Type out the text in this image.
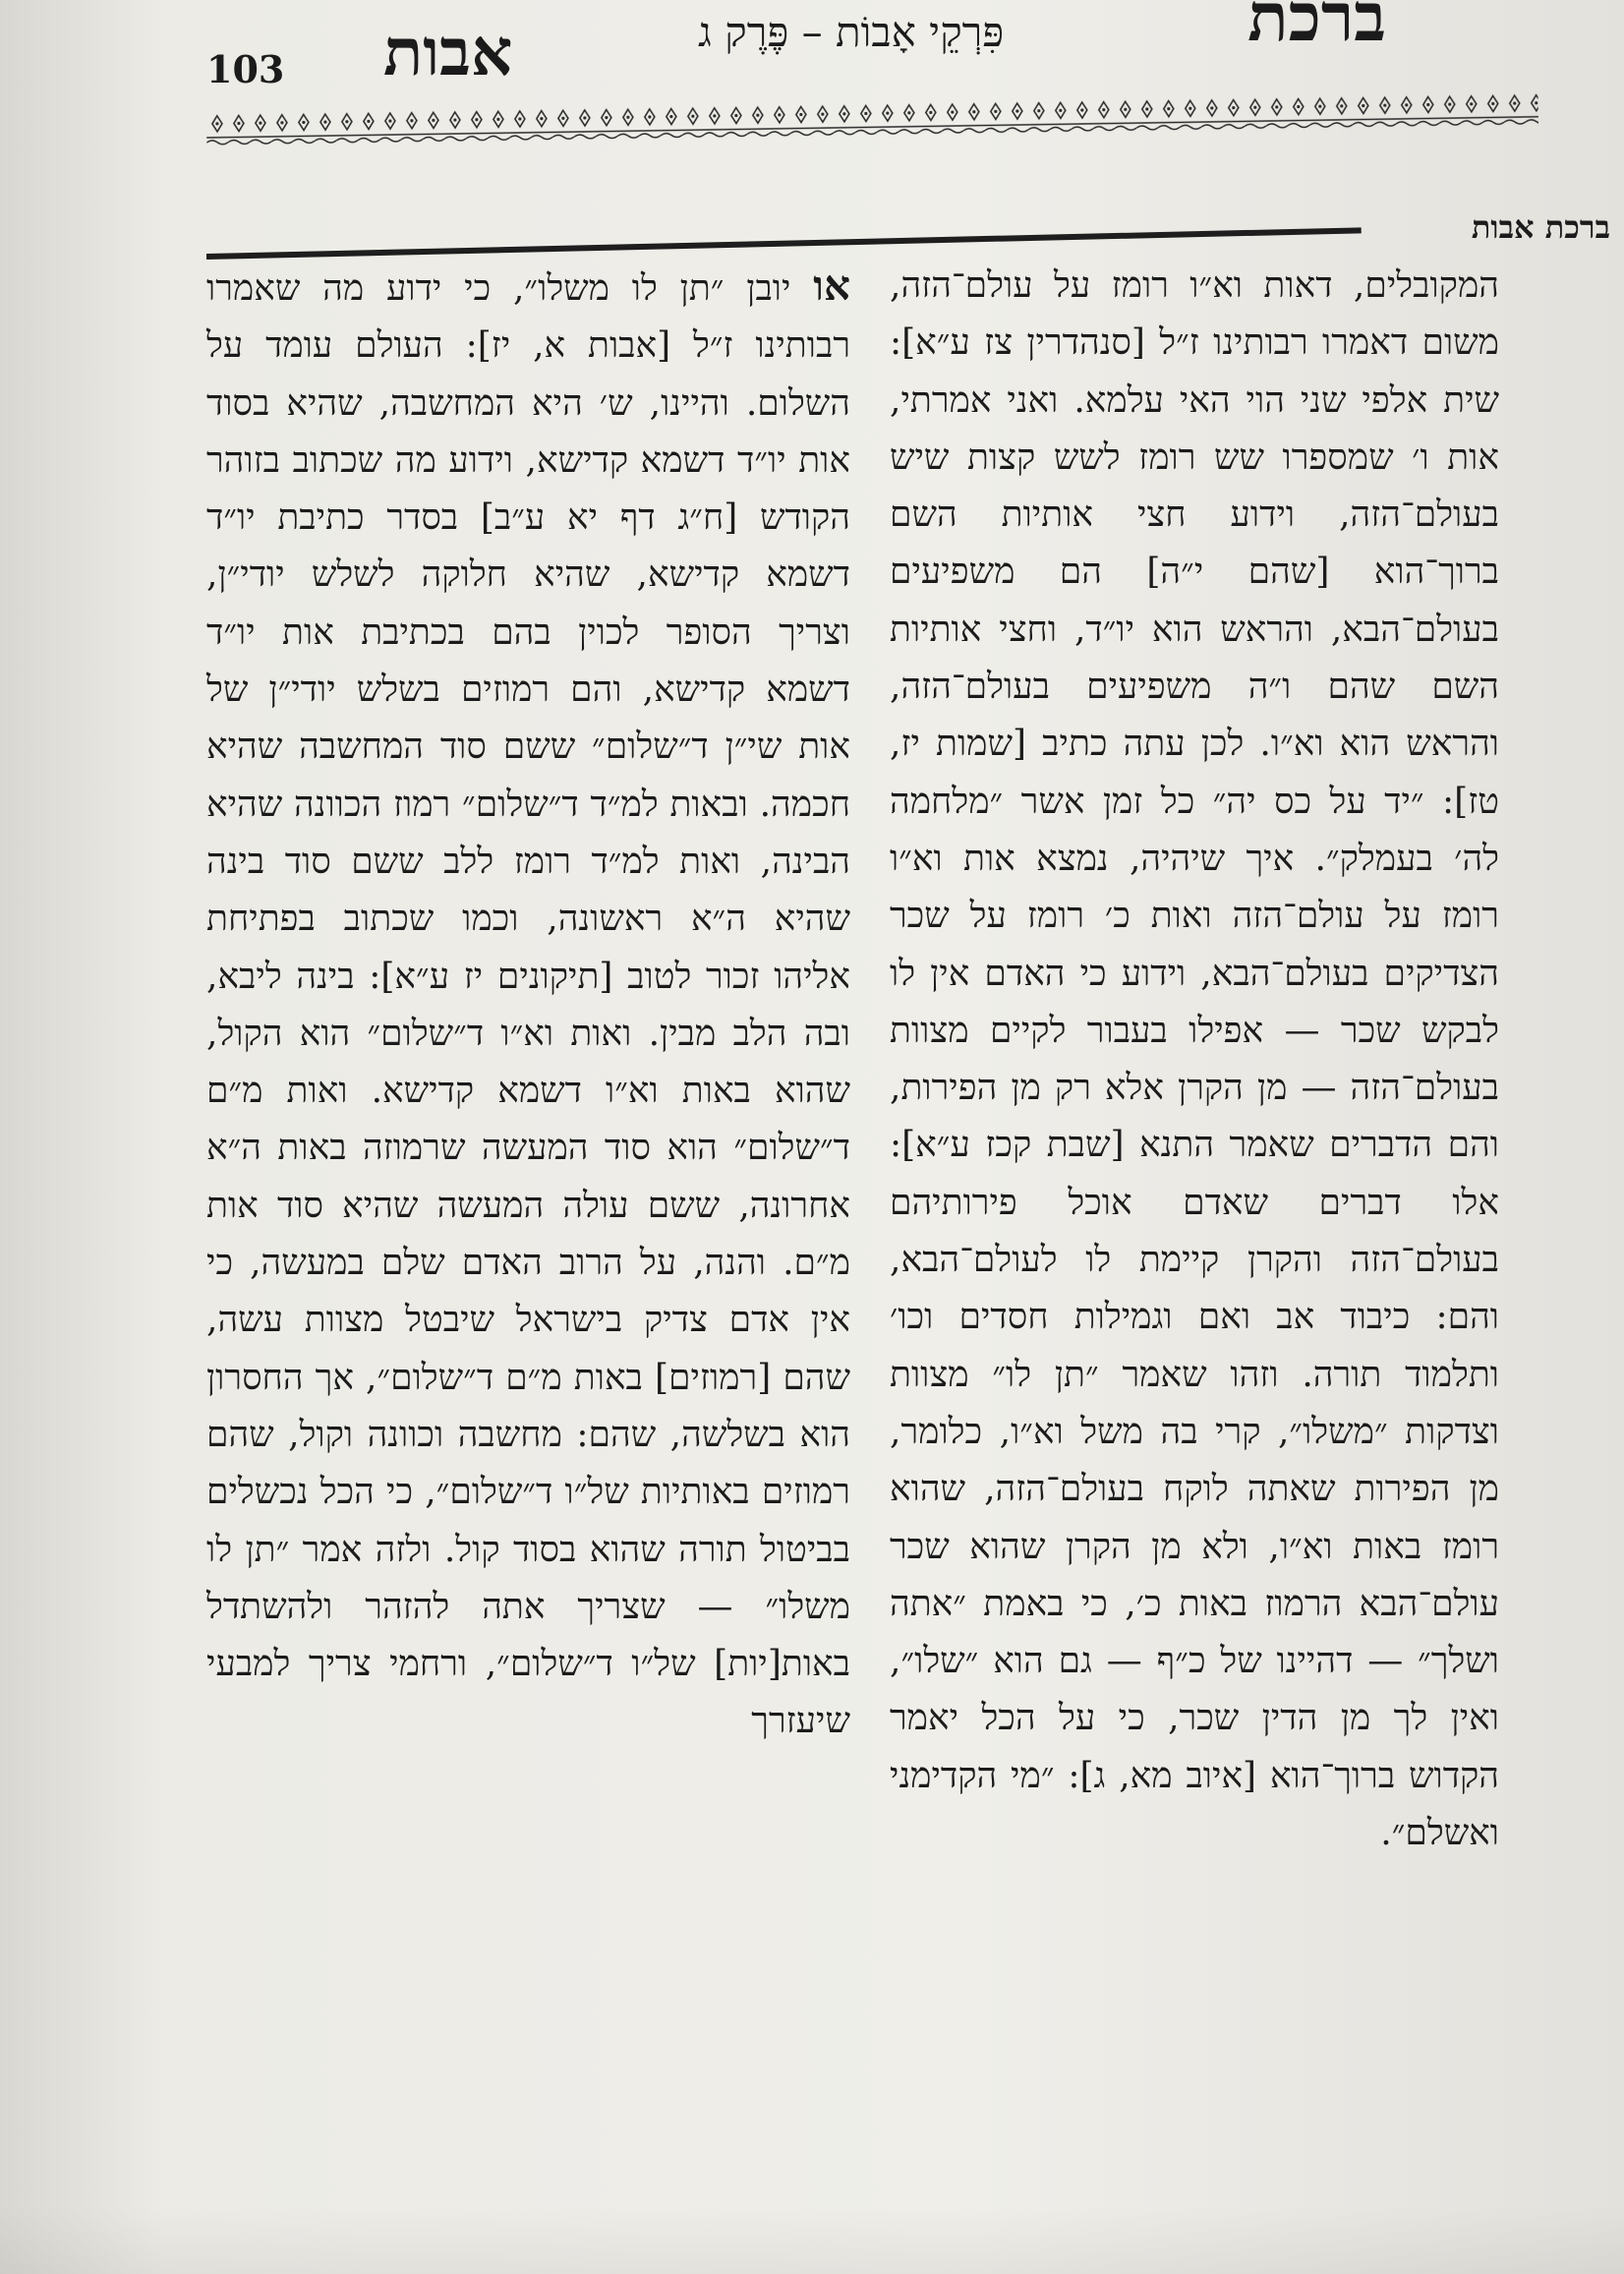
103 אבות	פִּרְקֵי אָבוֹת – פֶּרֶק ג	ברכת
ברכת אבות

המקובלים, דאות וא״ו רומז על עולם־הזה, משום דאמרו רבותינו ז״ל [סנהדרין צז ע״א]: שית אלפי שני הוי האי עלמא. ואני אמרתי, אות ו׳ שמספרו שש רומז לשש קצות שיש בעולם־הזה, וידוע חצי אותיות השם ברוך־הוא [שהם י״ה] הם משפיעים בעולם־הבא, והראש הוא יו״ד, וחצי אותיות השם שהם ו״ה משפיעים בעולם־הזה, והראש הוא וא״ו. לכן עתה כתיב [שמות יז, טז]: ״יד על כס יה״ כל זמן אשר ״מלחמה לה׳ בעמלק״. איך שיהיה, נמצא אות וא״ו רומז על עולם־הזה ואות כ׳ רומז על שכר הצדיקים בעולם־הבא, וידוע כי האדם אין לו לבקש שכר — אפילו בעבור לקיים מצוות בעולם־הזה — מן הקרן אלא רק מן הפירות, והם הדברים שאמר התנא [שבת קכז ע״א]: אלו דברים שאדם אוכל פירותיהם בעולם־הזה והקרן קיימת לו לעולם־הבא, והם: כיבוד אב ואם וגמילות חסדים וכו׳ ותלמוד תורה. וזהו שאמר ״תן לו״ מצוות וצדקות ״משלו״, קרי בה משל וא״ו, כלומר, מן הפירות שאתה לוקח בעולם־הזה, שהוא רומז באות וא״ו, ולא מן הקרן שהוא שכר עולם־הבא הרמוז באות כ׳, כי באמת ״אתה ושלך״ — דהיינו של כ״ף — גם הוא ״שלו״, ואין לך מן הדין שכר, כי על הכל יאמר הקדוש ברוך־הוא [איוב מא, ג]: ״מי הקדימני ואשלם״.

או יובן ״תן לו משלו״, כי ידוע מה שאמרו רבותינו ז״ל [אבות א, יז]: העולם עומד על השלום. והיינו, ש׳ היא המחשבה, שהיא בסוד אות יו״ד דשמא קדישא, וידוע מה שכתוב בזוהר הקודש [ח״ג דף יא ע״ב] בסדר כתיבת יו״ד דשמא קדישא, שהיא חלוקה לשלש יודי״ן, וצריך הסופר לכוין בהם בכתיבת אות יו״ד דשמא קדישא, והם רמוזים בשלש יודי״ן של אות שי״ן ד״שלום״ ששם סוד המחשבה שהיא חכמה. ובאות למ״ד ד״שלום״ רמוז הכוונה שהיא הבינה, ואות למ״ד רומז ללב ששם סוד בינה שהיא ה״א ראשונה, וכמו שכתוב בפתיחת אליהו זכור לטוב [תיקונים יז ע״א]: בינה ליבא, ובה הלב מבין. ואות וא״ו ד״שלום״ הוא הקול, שהוא באות וא״ו דשמא קדישא. ואות מ״ם ד״שלום״ הוא סוד המעשה שרמוזה באות ה״א אחרונה, ששם עולה המעשה שהיא סוד אות מ״ם. והנה, על הרוב האדם שלם במעשה, כי אין אדם צדיק בישראל שיבטל מצוות עשה, שהם [רמוזים] באות מ״ם ד״שלום״, אך החסרון הוא בשלשה, שהם: מחשבה וכוונה וקול, שהם רמוזים באותיות של״ו ד״שלום״, כי הכל נכשלים בביטול תורה שהוא בסוד קול. ולזה אמר ״תן לו משלו״ — שצריך אתה להזהר ולהשתדל באות[יות] של״ו ד״שלום״, ורחמי צריך למבעי שיעזרך
